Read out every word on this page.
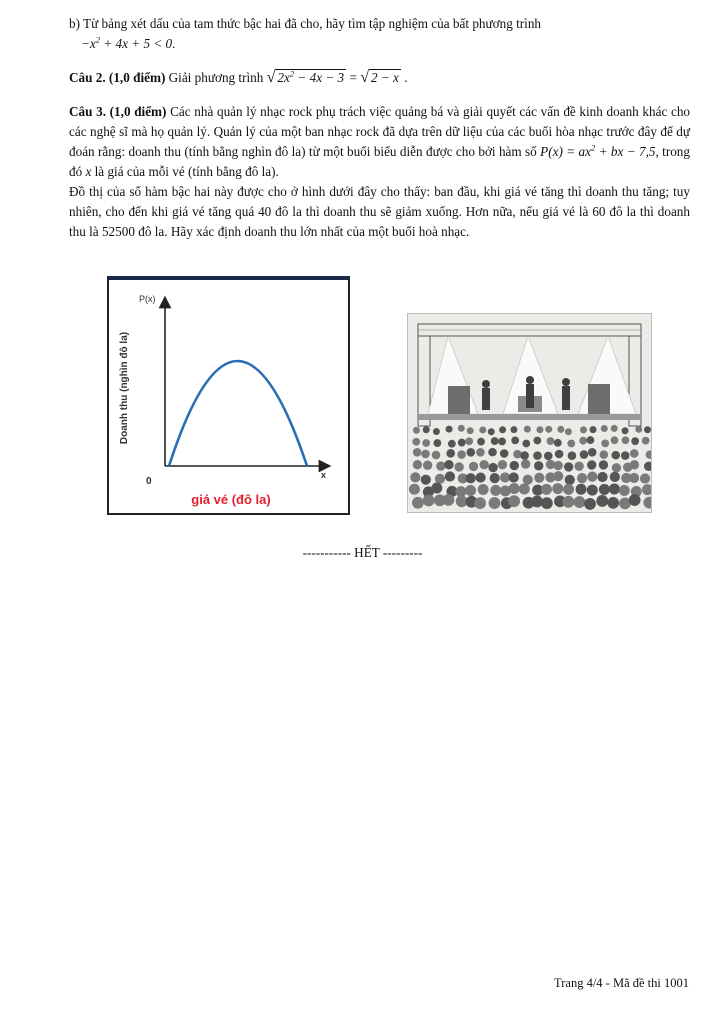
b) Từ bảng xét dấu của tam thức bậc hai đã cho, hãy tìm tập nghiệm của bất phương trình
$-x^2 + 4x + 5 < 0$.

Câu 2. (1,0 điểm) Giải phương trình √ $2x^2 - 4x - 3$ = √ 2 − x .

Câu 3. (1,0 điểm) Các nhà quản lý nhạc rock phụ trách việc quảng bá và giải quyết các vấn đề kinh doanh khác cho các nghệ sĩ mà họ quản lý. Quản lý của một ban nhạc rock đã dựa trên dữ liệu của các buổi hòa nhạc trước đây để dự đoán rằng: doanh thu (tính bằng nghìn đô la) từ một buổi biểu diễn được cho bởi hàm số $P(x) = ax^2$ + bx − 7,5, trong đó x là giá của mỗi vé (tính bằng đô la).

Đồ thị của số hàm bậc hai này được cho ở hình dưới đây cho thấy: ban đầu, khi giá vé tăng thì doanh thu tăng; tuy nhiên, cho đến khi giá vé tăng quá 40 đô la thì doanh thu sẽ giảm xuống. Hơn nữa, nếu giá vé là 60 đô la thì doanh thu là 52500 đô la. Hãy xác định doanh thu lớn nhất của một buổi hoà nhạc.

P(x)
x
0
Doanh thu (nghìn đô la)
giá vé (đô la)
----------- HẾT ---------
Trang 4/4 - Mã đề thi 1001
